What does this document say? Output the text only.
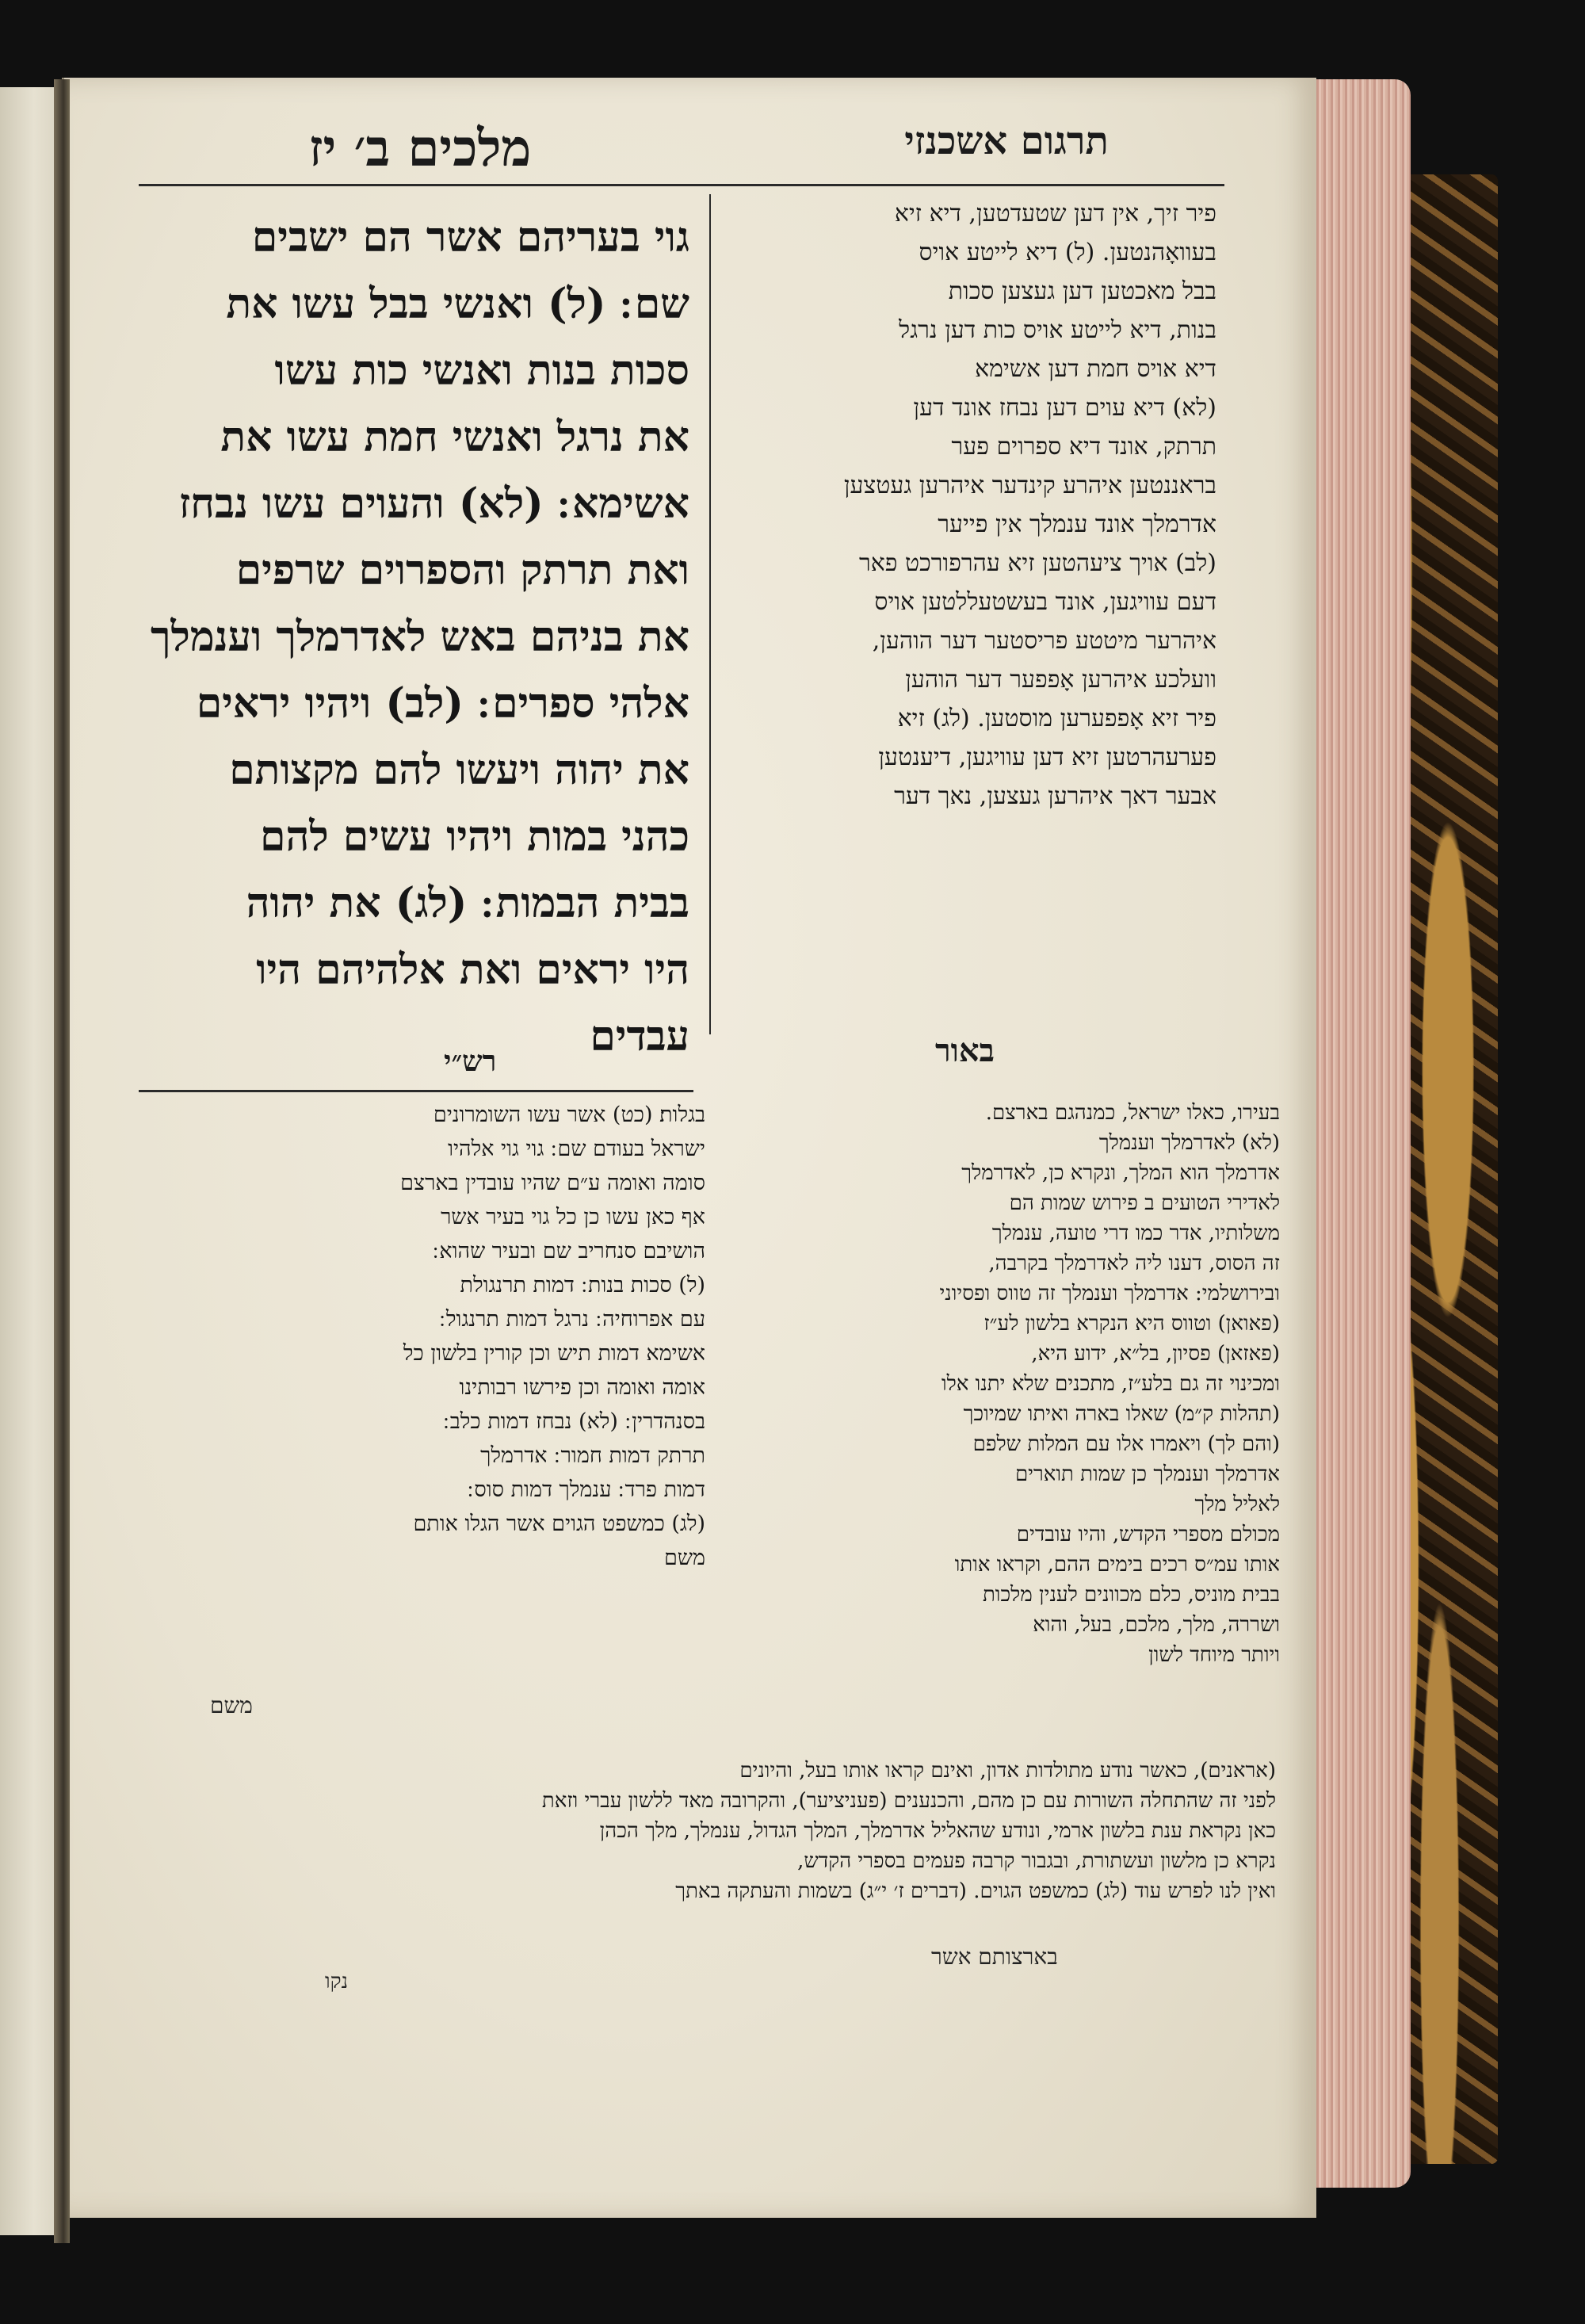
מלכים ב׳ יז	תרגום אשכנזי
גוי בעריהם אשר הם ישבים
שם ׃ (ל) ואנשי בבל עשו את
סכות בנות ואנשי כות עשו
את נרגל ואנשי חמת עשו את
אשימא ׃ (לא) והעוים עשו נבחז
ואת תרתק והספרוים שרפים
את בניהם באש לאדרמלך וענמלך
אלהי ספרים ׃ (לב) ויהיו יראים
את יהוה ויעשו להם מקצותם
כהני במות ויהיו עשים להם
בבית הבמות ׃ (לג) את יהוה
היו יראים ואת אלהיהם היו
עבדים
פיר זיך, אין דען שטעדטען, דיא זיא
בעוואָהנטען. (ל) דיא לייטע אויס
בבל מאכטען דען געצען סכות
בנות, דיא לייטע אויס כות דען נרגל
דיא אויס חמת דען אשימא
(לא) דיא עוים דען נבחז אונד דען
תרתק, אונד דיא ספרוים פער
בראננטען איהרע קינדער איהרען געטצען
אדרמלך אונד ענמלך אין פייער
(לב) אויך ציעהטען זיא עהרפורכט פאר
דעם עוויגען, אונד בעשטעללטען אויס
איהרער מיטטע פריסטער דער הוהען,
וועלכע איהרען אָפפער דער הוהען
פיר זיא אָפפערען מוסטען. (לג) זיא
פערעהרטען זיא דען עוויגען, דיענטען
אבער דאך איהרען געצען, נאך דער
באור
רש״י
בגלות׃ (כט) אשר עשו השומרונים
ישראל בעודם שם ׃ גוי גוי אלהיו
סומה ואומה ע״ם שהיו עובדין בארצם
אף כאן עשו כן כל גוי בעיר אשר
הושיבם סנחריב שם ובעיר שהוא ׃
(ל) סכות בנות ׃ דמות תרנגולת
עם אפרוחיה ׃ נרגל דמות תרנגול ׃
אשימא דמות תיש וכן קורין בלשון כל
אומה ואומה וכן פירשו רבותינו
בסנהדרין ׃ (לא) נבחז דמות כלב ׃
תרתק דמות חמור ׃ אדרמלך
דמות פרד ׃ ענמלך דמות סוס ׃
(לג) כמשפט הגוים אשר הגלו אותם
משם
בעירו, כאלו ישראל, כמנהגם בארצם.
(לא) לאדרמלך וענמלך
אדרמלך הוא המלך, ונקרא כן, לאדרמלך
לאדירי הטועים ב פירוש שמות הם
משלותיו, אדר כמו דרי טועה, ענמלך
זה הסוס, דענו ליה לאדרמלך בקרבה,
ובירושלמי: אדרמלך וענמלך זה טווס ופסיוני
(פאואן) וטווס היא הנקרא בלשון לע״ז
(פאזאן) פסיון, בל״א, ידוע היא,
ומכינוי זה גם בלע״ז, מתכנים שלא יתנו אלו
(תהלות ק״מ) שאלו בארה ואיתו שמיוכך
(והם לך) ויאמרו אלו עם המלות שלפם
אדרמלך וענמלך כן שמות תוארים
לאליל מלך
מכולם מספרי הקדש, והיו עובדים
אותו עמ״ס רכים בימים ההם, וקראו אותו
בבית מוניס, כלם מכוונים לענין מלכות
ושררה, מלך, מלכם, בעל, והוא
ויותר מיוחד לשון
משם
(אראנים), כאשר נודע מתולדות אדון, ואינם קראו אותו בעל, והיונים
לפני זה שהתחלה השורות עם כן מהם, והכנענים (פעניציער), והקרובה מאד ללשון עברי וזאת
כאן נקראת ענת בלשון ארמי, ונודע שהאליל אדרמלך, המלך הגדול, ענמלך, מלך הכהן
נקרא כן מלשון ועשתורת, ובגבור קרבה פעמים בספרי הקדש,
ואין לנו לפרש עוד (לג) כמשפט הגוים. (דברים ז׳ י״ג) בשמות והעתקה באתך
בארצותם אשר
נקו
